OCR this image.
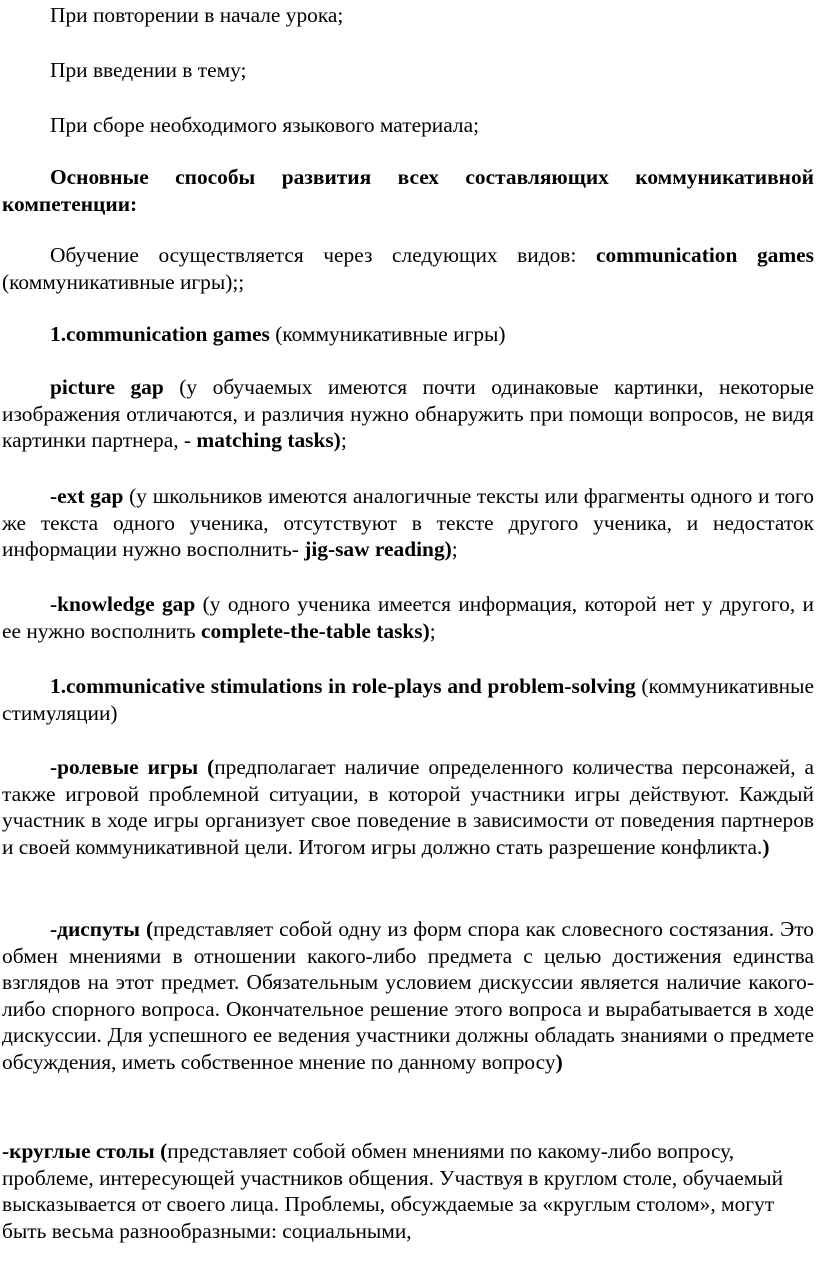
При повторении в начале урока;

При введении в тему;

При сборе необходимого языкового материала;

Основные способы развития всех составляющих коммуникативной компетенции:

Обучение осуществляется через следующих видов: communication games (коммуникативные игры);;

1.communication games (коммуникативные игры)

picture gap (у обучаемых имеются почти одинаковые картинки, некоторые изображения отличаются, и различия нужно обнаружить при помощи вопросов, не видя картинки партнера, - matching tasks);

-ext gap (у школьников имеются аналогичные тексты или фрагменты одного и того же текста одного ученика, отсутствуют в тексте другого ученика, и недостаток информации нужно восполнить- jig-saw reading);

-knowledge gap (у одного ученика имеется информация, которой нет у другого, и ее нужно восполнить complete-the-table tasks);

1.communicative stimulations in role-plays and problem-solving (коммуникативные стимуляции)

-ролевые игры (предполагает наличие определенного количества персонажей, а также игровой проблемной ситуации, в которой участники игры действуют. Каждый участник в ходе игры организует свое поведение в зависимости от поведения партнеров и своей коммуникативной цели. Итогом игры должно стать разрешение конфликта.)

-диспуты (представляет собой одну из форм спора как словесного состязания. Это обмен мнениями в отношении какого-либо предмета с целью достижения единства взглядов на этот предмет. Обязательным условием дискуссии является наличие какого-либо спорного вопроса. Окончательное решение этого вопроса и вырабатывается в ходе дискуссии. Для успешного ее ведения участники должны обладать знаниями о предмете обсуждения, иметь собственное мнение по данному вопросу)

-круглые столы (представляет собой обмен мнениями по какому-либо вопросу, проблеме, интересующей участников общения. Участвуя в круглом столе, обучаемый высказывается от своего лица. Проблемы, обсуждаемые за «круглым столом», могут быть весьма разнообразными: социальными,
